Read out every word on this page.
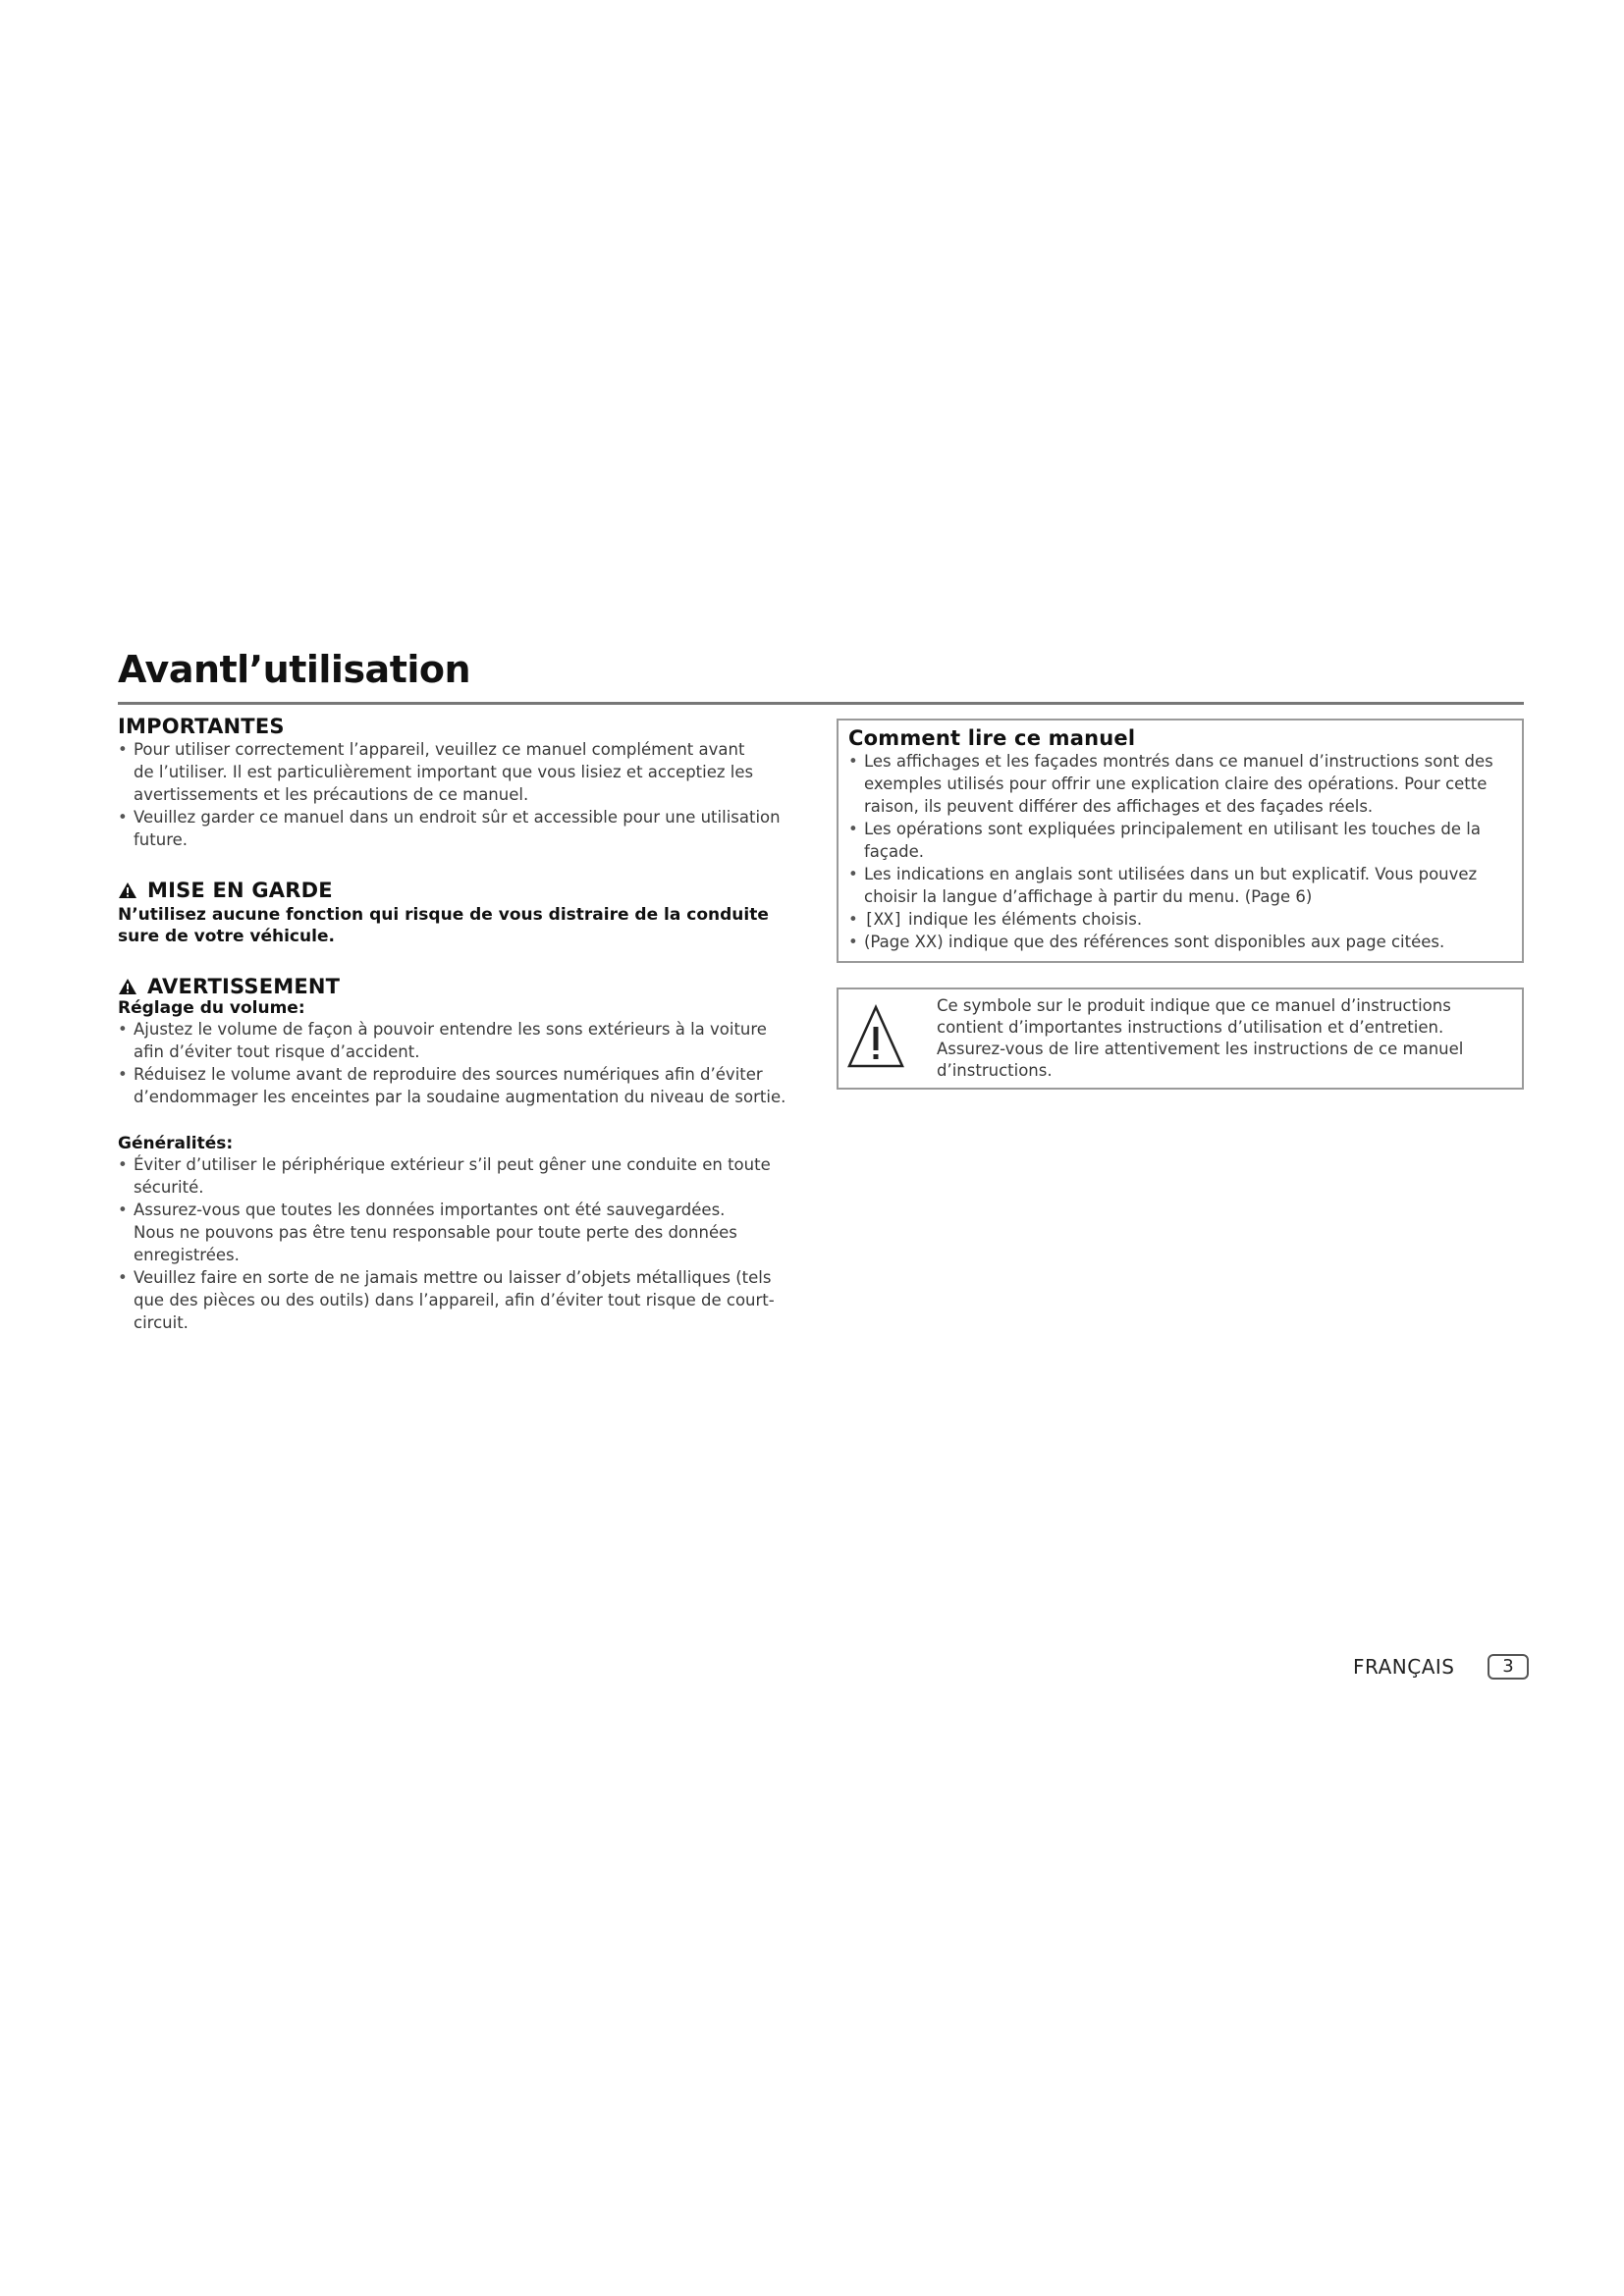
Avantl’utilisation
IMPORTANTES
• Pour utiliser correctement l’appareil, veuillez ce manuel complément avant
de l’utiliser. Il est particulièrement important que vous lisiez et acceptiez les
avertissements et les précautions de ce manuel.
• Veuillez garder ce manuel dans un endroit sûr et accessible pour une utilisation
future.
MISE EN GARDE

N’utilisez aucune fonction qui risque de vous distraire de la conduite sure de votre véhicule.

AVERTISSEMENT
Réglage du volume:
• Ajustez le volume de façon à pouvoir entendre les sons extérieurs à la voiture
afin d’éviter tout risque d’accident.
• Réduisez le volume avant de reproduire des sources numériques afin d’éviter
d’endommager les enceintes par la soudaine augmentation du niveau de sortie.
Généralités:
• Éviter d’utiliser le périphérique extérieur s’il peut gêner une conduite en toute
sécurité.
• Assurez-vous que toutes les données importantes ont été sauvegardées.
Nous ne pouvons pas être tenu responsable pour toute perte des données
enregistrées.
• Veuillez faire en sorte de ne jamais mettre ou laisser d’objets métalliques (tels
que des pièces ou des outils) dans l’appareil, afin d’éviter tout risque de court-
circuit.
Comment lire ce manuel
• Les affichages et les façades montrés dans ce manuel d’instructions sont des
exemples utilisés pour offrir une explication claire des opérations. Pour cette
raison, ils peuvent différer des affichages et des façades réels.
• Les opérations sont expliquées principalement en utilisant les touches de la
façade.
• Les indications en anglais sont utilisées dans un but explicatif. Vous pouvez
choisir la langue d’affichage à partir du menu. (Page 6)
• [XX] indique les éléments choisis.
• (Page XX) indique que des références sont disponibles aux page citées.
Ce symbole sur le produit indique que ce manuel d’instructions
contient d’importantes instructions d’utilisation et d’entretien.
Assurez-vous de lire attentivement les instructions de ce manuel
d’instructions.
FRANÇAIS	3
